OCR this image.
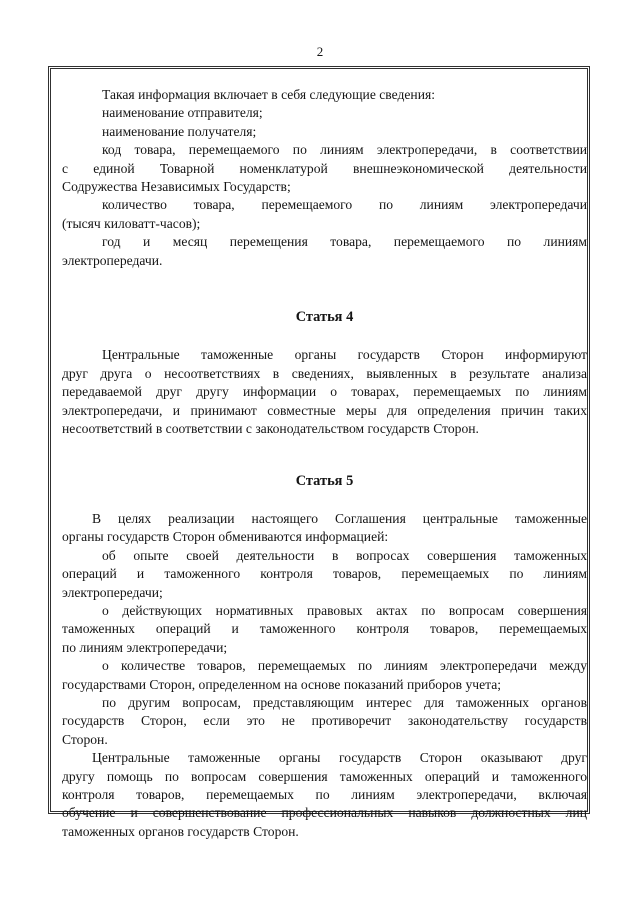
2

Такая информация включает в себя следующие сведения:

наименование отправителя;

наименование получателя;

код товара, перемещаемого по линиям электропередачи, в соответствии

с единой Товарной номенклатурой внешнеэкономической деятельности

Содружества Независимых Государств;

количество товара, перемещаемого по линиям электропередачи

(тысяч киловатт-часов);

год и месяц перемещения товара, перемещаемого по линиям

электропередачи.

Статья 4

Центральные таможенные органы государств Сторон информируют

друг друга о несоответствиях в сведениях, выявленных в результате анализа

передаваемой друг другу информации о товарах, перемещаемых по линиям

электропередачи, и принимают совместные меры для определения причин таких

несоответствий в соответствии с законодательством государств Сторон.

Статья 5

В целях реализации настоящего Соглашения центральные таможенные

органы государств Сторон обмениваются информацией:

об опыте своей деятельности в вопросах совершения таможенных

операций и таможенного контроля товаров, перемещаемых по линиям

электропередачи;

о действующих нормативных правовых актах по вопросам совершения

таможенных операций и таможенного контроля товаров, перемещаемых

по линиям электропередачи;

о количестве товаров, перемещаемых по линиям электропередачи между

государствами Сторон, определенном на основе показаний приборов учета;

по другим вопросам, представляющим интерес для таможенных органов

государств Сторон, если это не противоречит законодательству государств

Сторон.

Центральные таможенные органы государств Сторон оказывают друг

другу помощь по вопросам совершения таможенных операций и таможенного

контроля товаров, перемещаемых по линиям электропередачи, включая

обучение и совершенствование профессиональных навыков должностных лиц

таможенных органов государств Сторон.
